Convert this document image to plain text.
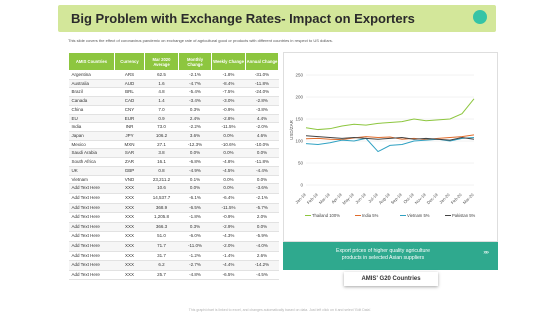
Big Problem with Exchange Rates- Impact on Exporters
This slide covers the effect of coronavirus pandemic on exchange rate of agricultural good or products with different countries in respect to US dollars.
AMIS Countries	Currency	Mar 2020 Average	Monthly Change	Weekly Change	Annual Change
Argentina	ARS	62.5	-2.1%	-1.8%	-31.0%
Australia	AUD	1.6	-4.7%	-8.4%	-11.8%
Brazil	BRL	4.8	-5.4%	-7.5%	-24.0%
Canada	CAD	1.4	-3.4%	-3.0%	-2.8%
China	CNY	7.0	0.3%	-0.9%	-3.8%
EU	EUR	0.9	2.4%	-2.8%	4.4%
India	INR	73.0	-2.2%	-11.5%	-2.0%
Japan	JPY	106.2	3.6%	0.0%	4.6%
Mexico	MXN	27.1	-12.3%	-10.6%	-10.0%
Saudi Arabia	SAR	3.8	0.0%	0.0%	0.0%
South Africa	ZAR	16.1	-6.8%	-4.8%	-11.8%
UK	GBP	0.8	-4.9%	-4.5%	-4.4%
Vietnam	VND	23,211.2	0.1%	0.0%	0.0%
Add Text Here	XXX	10.6	0.0%	0.0%	-3.6%
Add Text Here	XXX	14,537.7	-6.1%	-6.4%	-2.1%
Add Text Here	XXX	368.9	-6.5%	-11.5%	-5.7%
Add Text Here	XXX	1,205.8	-1.8%	-0.9%	2.0%
Add Text Here	XXX	366.3	0.3%	-2.9%	0.0%
Add Text Here	XXX	51.0	-6.0%	-4.3%	-5.9%
Add Text Here	XXX	71.7	-11.0%	-2.0%	-4.0%
Add Text Here	XXX	31.7	-1.2%	-1.4%	2.6%
Add Text Here	XXX	6.2	-2.7%	-4.4%	-14.2%
Add Text Here	XXX	25.7	-4.8%	-6.5%	-4.5%
0
50
100
150
200
250
USD/ZAR
Jan-19 Feb-19 Mar-19 Apr-19
May-19 Jun-19 Jul-19
Aug-19
Sep-19 Oct-19
Nov-19
Dec-19 Jan-20 Feb-20 Mar-20
Thailand 100%	India 5%	Vietnam 5%	Pakistan 5%
Export prices of higher quality agriculture
products in selected Asian suppliers
»»
AMIS' G20 Countries
This graph/chart is linked to excel, and changes automatically based on data. Just left click on it and select 'Edit Data'.
